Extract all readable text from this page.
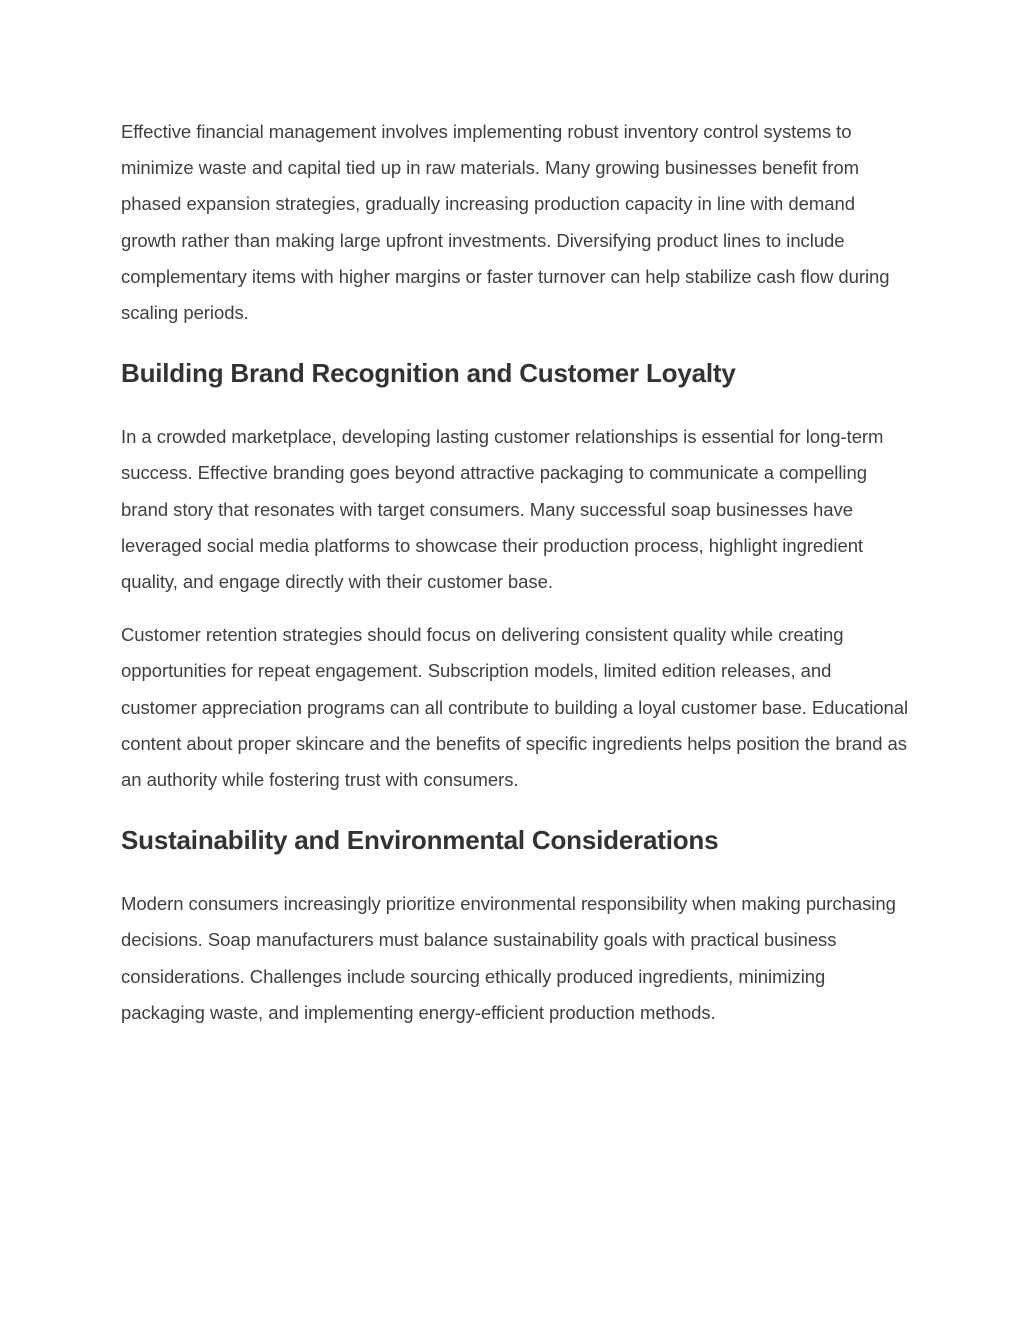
Effective financial management involves implementing robust inventory control systems to minimize waste and capital tied up in raw materials. Many growing businesses benefit from phased expansion strategies, gradually increasing production capacity in line with demand growth rather than making large upfront investments. Diversifying product lines to include complementary items with higher margins or faster turnover can help stabilize cash flow during scaling periods.

Building Brand Recognition and Customer Loyalty

In a crowded marketplace, developing lasting customer relationships is essential for long-term success. Effective branding goes beyond attractive packaging to communicate a compelling brand story that resonates with target consumers. Many successful soap businesses have leveraged social media platforms to showcase their production process, highlight ingredient quality, and engage directly with their customer base.

Customer retention strategies should focus on delivering consistent quality while creating opportunities for repeat engagement. Subscription models, limited edition releases, and customer appreciation programs can all contribute to building a loyal customer base. Educational content about proper skincare and the benefits of specific ingredients helps position the brand as an authority while fostering trust with consumers.

Sustainability and Environmental Considerations

Modern consumers increasingly prioritize environmental responsibility when making purchasing decisions. Soap manufacturers must balance sustainability goals with practical business considerations. Challenges include sourcing ethically produced ingredients, minimizing packaging waste, and implementing energy-efficient production methods.
